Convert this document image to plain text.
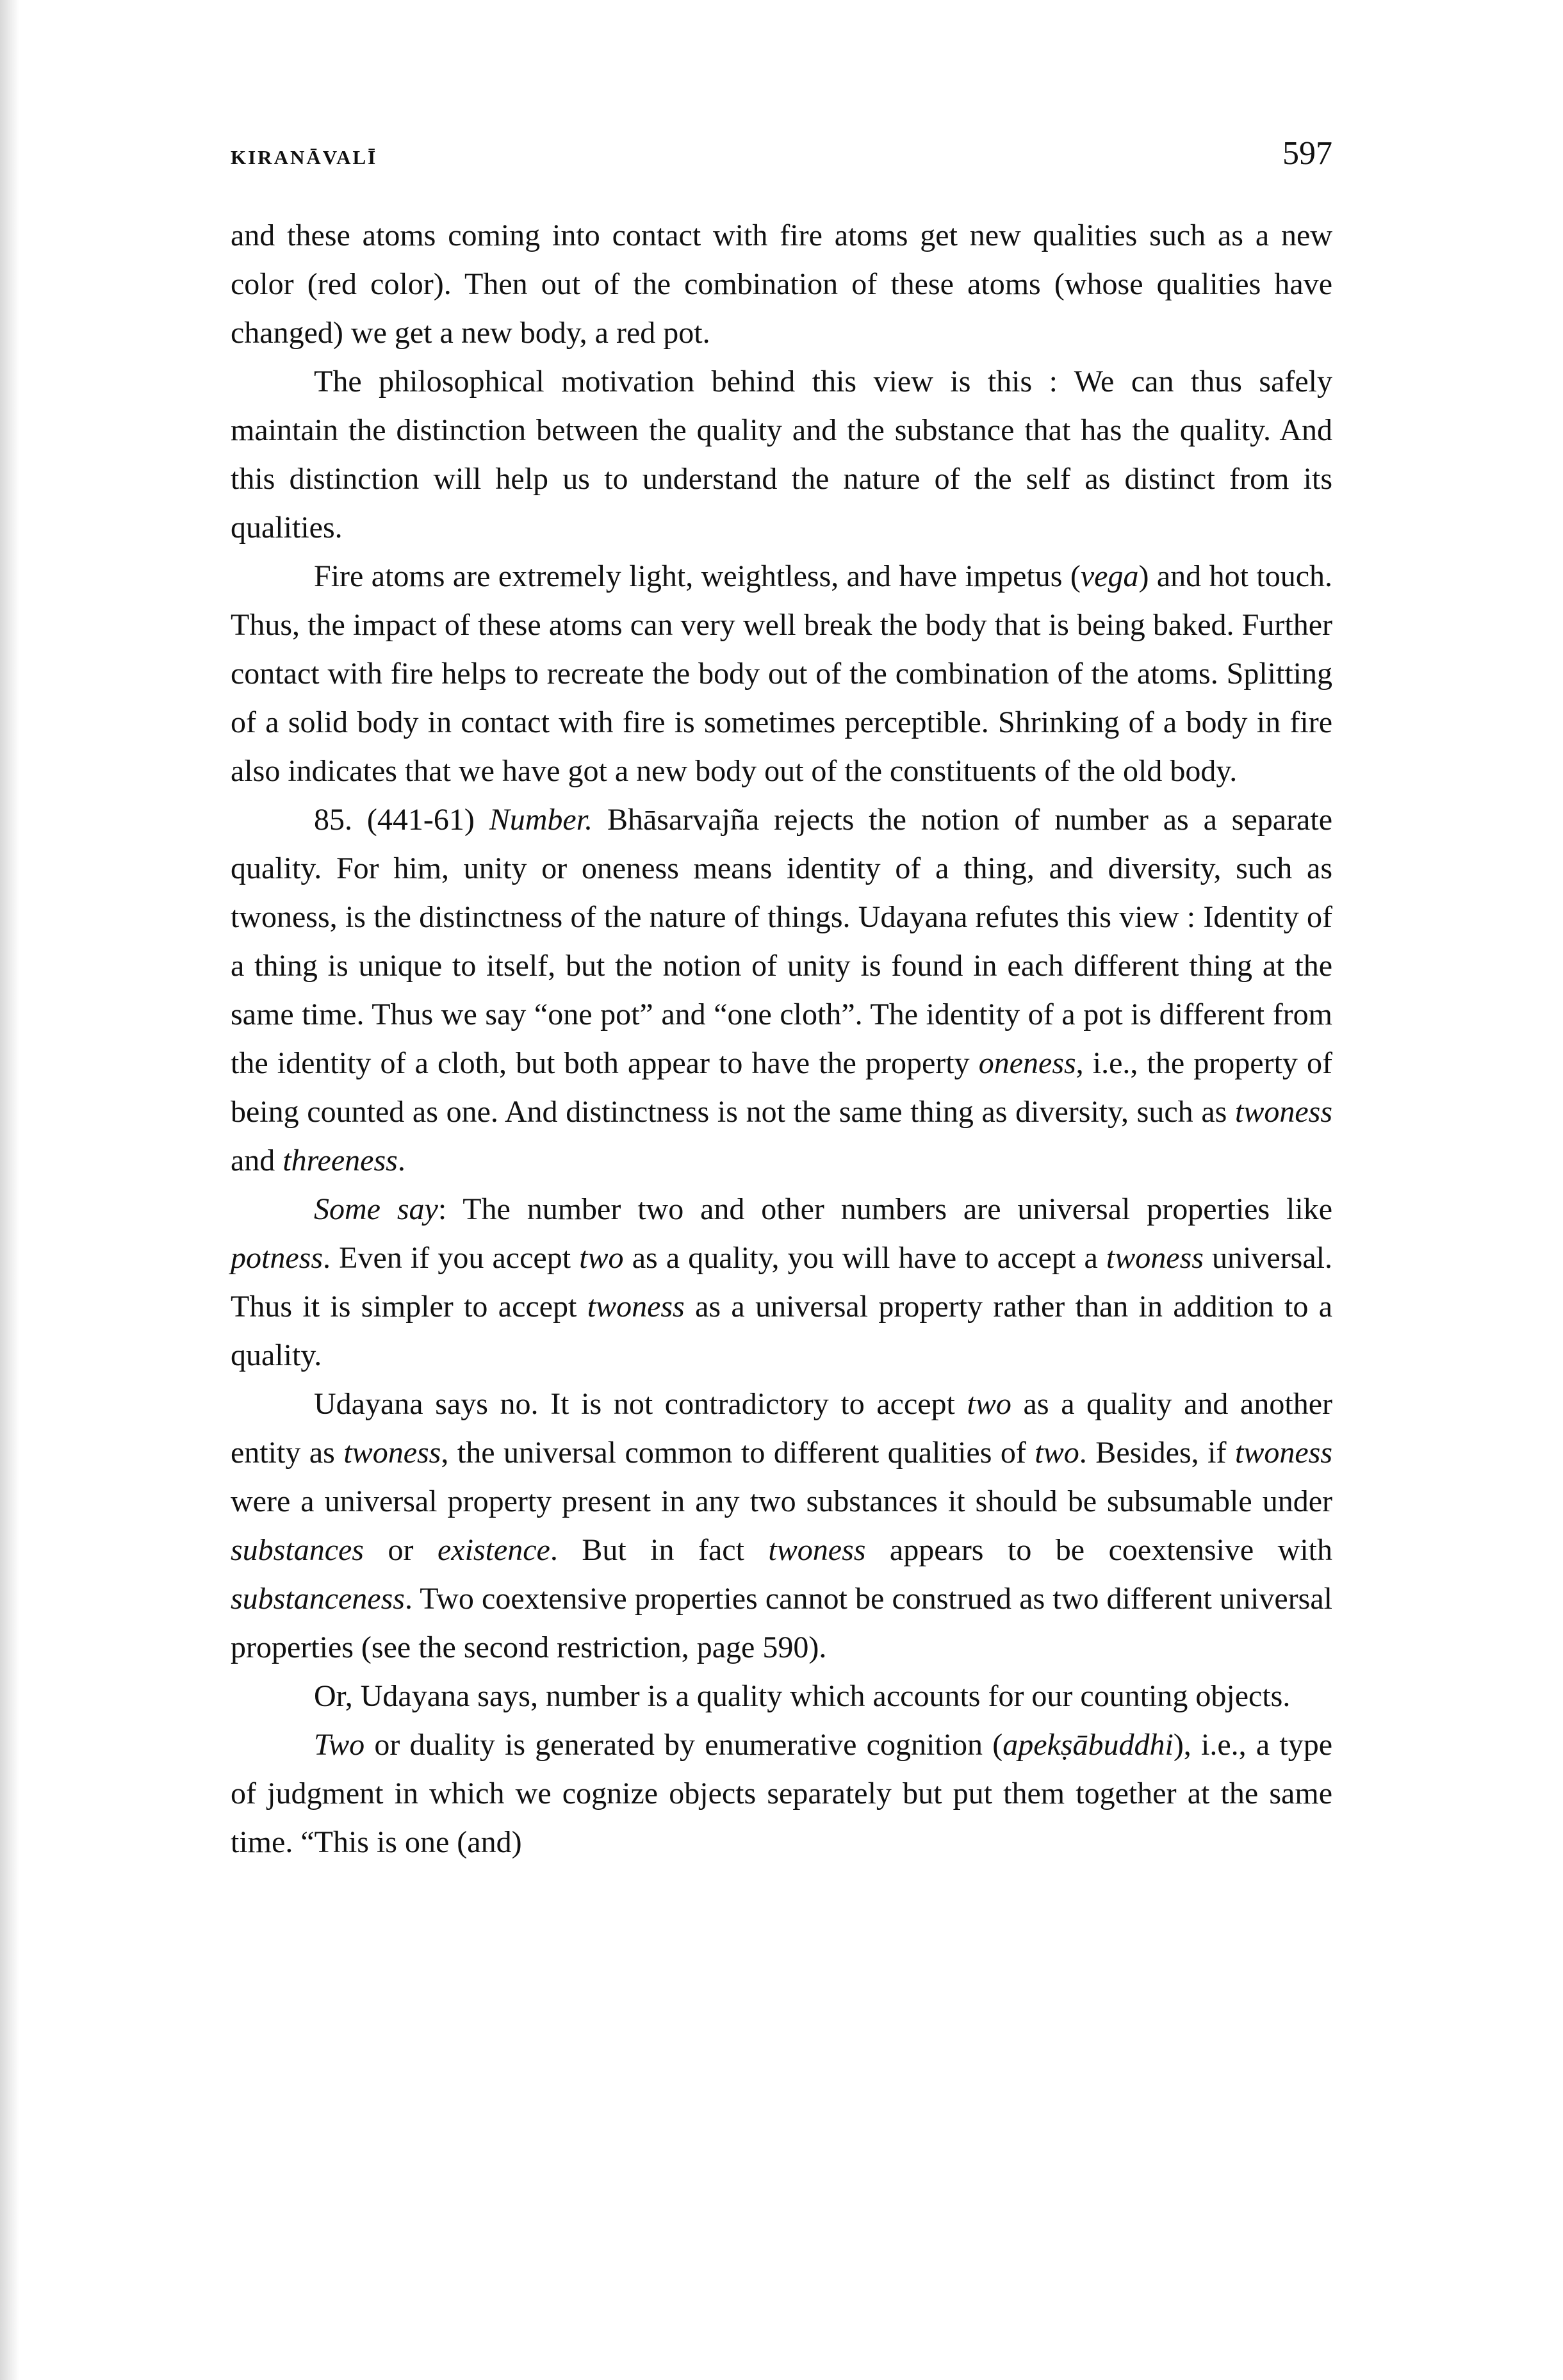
KIRANĀVALĪ	597

and these atoms coming into contact with fire atoms get new qualities such as a new color (red color). Then out of the combination of these atoms (whose qualities have changed) we get a new body, a red pot.

The philosophical motivation behind this view is this : We can thus safely maintain the distinction between the quality and the substance that has the quality. And this distinction will help us to understand the nature of the self as distinct from its qualities.

Fire atoms are extremely light, weightless, and have impetus (vega) and hot touch. Thus, the impact of these atoms can very well break the body that is being baked. Further contact with fire helps to recreate the body out of the combination of the atoms. Splitting of a solid body in contact with fire is sometimes perceptible. Shrinking of a body in fire also indicates that we have got a new body out of the constituents of the old body.

85. (441-61) Number. Bhāsarvajña rejects the notion of number as a separate quality. For him, unity or oneness means identity of a thing, and diversity, such as twoness, is the distinctness of the nature of things. Udayana refutes this view : Identity of a thing is unique to itself, but the notion of unity is found in each different thing at the same time. Thus we say “one pot” and “one cloth”. The identity of a pot is different from the identity of a cloth, but both appear to have the property oneness, i.e., the property of being counted as one. And distinctness is not the same thing as diversity, such as twoness and threeness.

Some say: The number two and other numbers are universal properties like potness. Even if you accept two as a quality, you will have to accept a twoness universal. Thus it is simpler to accept twoness as a universal property rather than in addition to a quality.

Udayana says no. It is not contradictory to accept two as a quality and another entity as twoness, the universal common to different qualities of two. Besides, if twoness were a universal property present in any two substances it should be subsumable under substances or existence. But in fact twoness appears to be coextensive with substanceness. Two coextensive properties cannot be construed as two different universal properties (see the second restriction, page 590).

Or, Udayana says, number is a quality which accounts for our counting objects.

Two or duality is generated by enumerative cognition (apekṣābuddhi), i.e., a type of judgment in which we cognize objects separately but put them together at the same time. “This is one (and)
